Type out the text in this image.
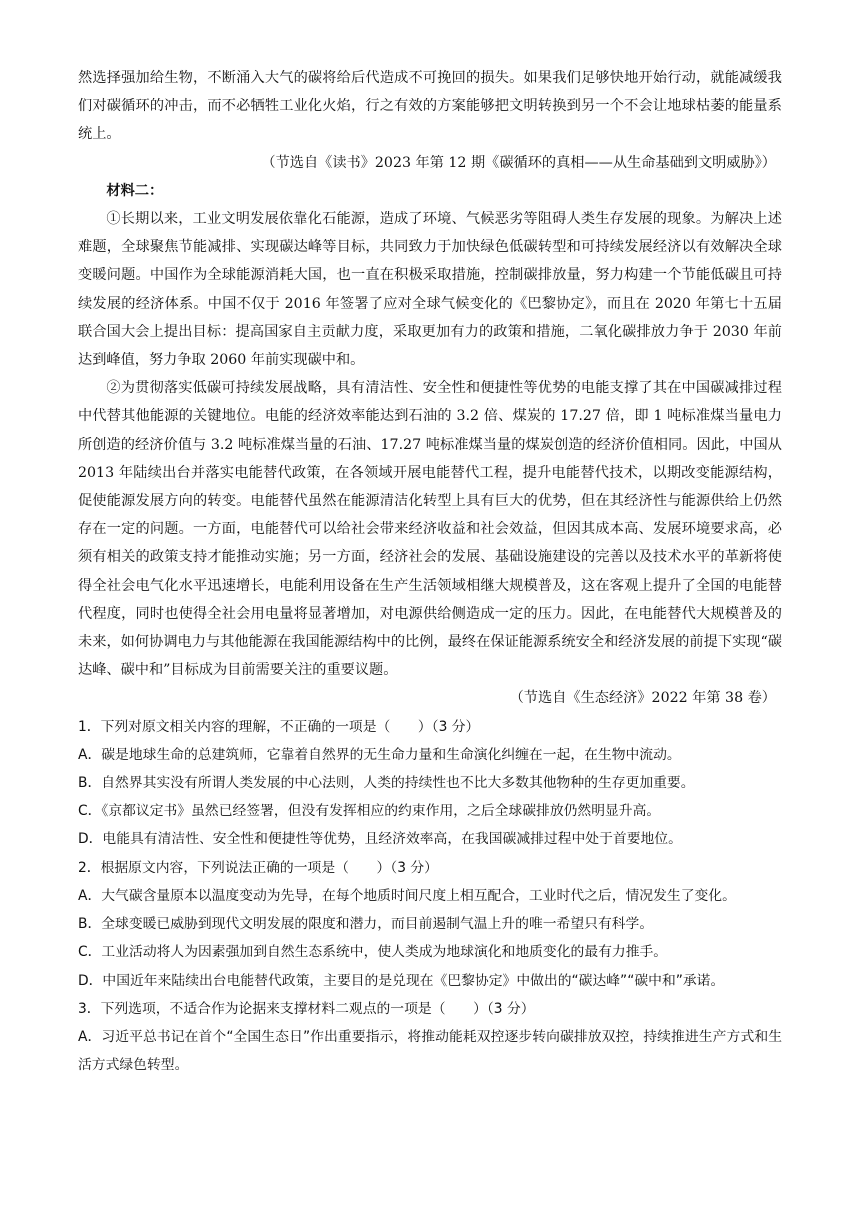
然选择强加给生物，不断涌入大气的碳将给后代造成不可挽回的损失。如果我们足够快地开始行动，就能减缓我们对碳循环的冲击，而不必牺牲工业化火焰，行之有效的方案能够把文明转换到另一个不会让地球枯萎的能量系统上。

（节选自《读书》2023 年第 12 期《碳循环的真相——从生命基础到文明威胁》）

材料二：

①长期以来，工业文明发展依靠化石能源，造成了环境、气候恶劣等阻碍人类生存发展的现象。为解决上述难题，全球聚焦节能减排、实现碳达峰等目标，共同致力于加快绿色低碳转型和可持续发展经济以有效解决全球变暖问题。中国作为全球能源消耗大国，也一直在积极采取措施，控制碳排放量，努力构建一个节能低碳且可持续发展的经济体系。中国不仅于 2016 年签署了应对全球气候变化的《巴黎协定》，而且在 2020 年第七十五届联合国大会上提出目标：提高国家自主贡献力度，采取更加有力的政策和措施，二氧化碳排放力争于 2030 年前达到峰值，努力争取 2060 年前实现碳中和。

②为贯彻落实低碳可持续发展战略，具有清洁性、安全性和便捷性等优势的电能支撑了其在中国碳减排过程中代替其他能源的关键地位。电能的经济效率能达到石油的 3.2 倍、煤炭的 17.27 倍，即 1 吨标准煤当量电力所创造的经济价值与 3.2 吨标准煤当量的石油、17.27 吨标准煤当量的煤炭创造的经济价值相同。因此，中国从 2013 年陆续出台并落实电能替代政策，在各领域开展电能替代工程，提升电能替代技术，以期改变能源结构，促使能源发展方向的转变。电能替代虽然在能源清洁化转型上具有巨大的优势，但在其经济性与能源供给上仍然存在一定的问题。一方面，电能替代可以给社会带来经济收益和社会效益，但因其成本高、发展环境要求高，必须有相关的政策支持才能推动实施；另一方面，经济社会的发展、基础设施建设的完善以及技术水平的革新将使得全社会电气化水平迅速增长，电能利用设备在生产生活领域相继大规模普及，这在客观上提升了全国的电能替代程度，同时也使得全社会用电量将显著增加，对电源供给侧造成一定的压力。因此，在电能替代大规模普及的未来，如何协调电力与其他能源在我国能源结构中的比例，最终在保证能源系统安全和经济发展的前提下实现“碳达峰、碳中和”目标成为目前需要关注的重要议题。

（节选自《生态经济》2022 年第 38 卷）

1．下列对原文相关内容的理解，不正确的一项是（　　）（3 分）

A．碳是地球生命的总建筑师，它靠着自然界的无生命力量和生命演化纠缠在一起，在生物中流动。

B．自然界其实没有所谓人类发展的中心法则，人类的持续性也不比大多数其他物种的生存更加重要。

C．《京都议定书》虽然已经签署，但没有发挥相应的约束作用，之后全球碳排放仍然明显升高。

D．电能具有清洁性、安全性和便捷性等优势，且经济效率高，在我国碳减排过程中处于首要地位。

2．根据原文内容，下列说法正确的一项是（　　）（3 分）

A．大气碳含量原本以温度变动为先导，在每个地质时间尺度上相互配合，工业时代之后，情况发生了变化。

B．全球变暖已威胁到现代文明发展的限度和潜力，而目前遏制气温上升的唯一希望只有科学。

C．工业活动将人为因素强加到自然生态系统中，使人类成为地球演化和地质变化的最有力推手。

D．中国近年来陆续出台电能替代政策，主要目的是兑现在《巴黎协定》中做出的“碳达峰”“碳中和”承诺。

3．下列选项，不适合作为论据来支撑材料二观点的一项是（　　）（3 分）

A．习近平总书记在首个“全国生态日”作出重要指示，将推动能耗双控逐步转向碳排放双控，持续推进生产方式和生活方式绿色转型。
